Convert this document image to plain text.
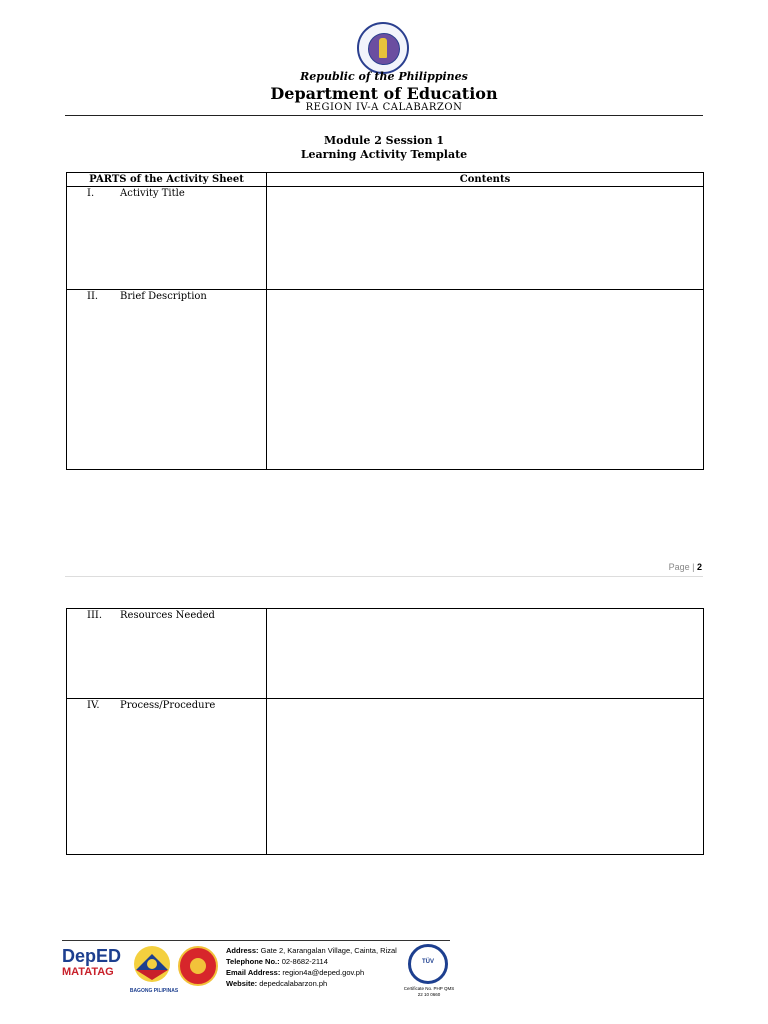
Republic of the Philippines
Department of Education
REGION IV-A CALABARZON
Module 2 Session 1
Learning Activity Template
PARTS of the Activity Sheet	Contents

I. Activity Title	

II. Brief Description	

Page | 2
III. Resources Needed	

IV. Process/Procedure	

DepED
MATATAG
BAGONG PILIPINAS
Address: Gate 2, Karangalan Village, Cainta, Rizal
Telephone No.: 02-8682-2114
Email Address: region4a@deped.gov.ph
Website: depedcalabarzon.ph
TÜV
Certificate No. PHP QMS
22 10 0660
